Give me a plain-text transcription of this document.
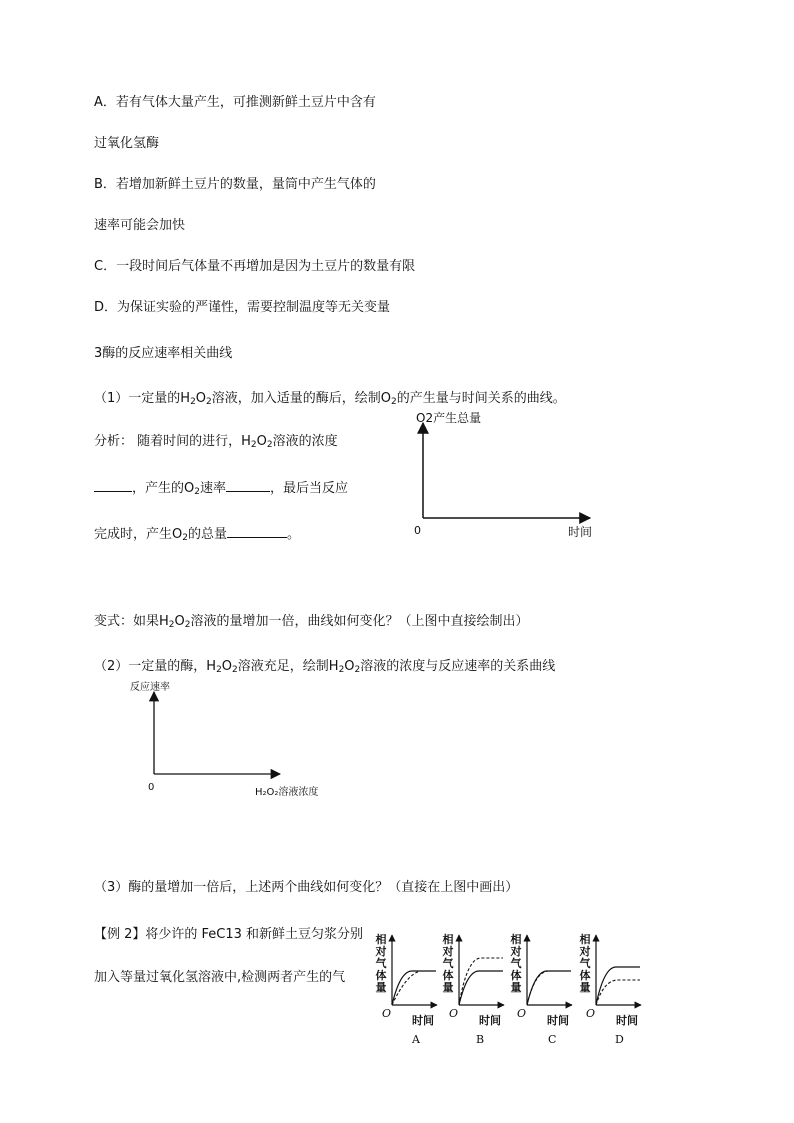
A．若有气体大量产生，可推测新鲜土豆片中含有
过氧化氢酶
B．若增加新鲜土豆片的数量，量筒中产生气体的
速率可能会加快
C．一段时间后气体量不再增加是因为土豆片的数量有限
D．为保证实验的严谨性，需要控制温度等无关变量
3酶的反应速率相关曲线
（1）一定量的$H_2O_2$溶液，加入适量的酶后，绘制$O_2$的产生量与时间关系的曲线。
分析： 随着时间的进行，$H_2O_2$溶液的浓度
，产生的$O_2$速率	，最后当反应
完成时，产生$O_2$的总量	。
O2产生总量
0	时间
变式：如果$H_2O_2$溶液的量增加一倍，曲线如何变化？（上图中直接绘制出）
（2）一定量的酶，$H_2O_2$溶液充足，绘制$H_2O_2$溶液的浓度与反应速率的关系曲线
反应速率
0	H₂O₂溶液浓度
（3）酶的量增加一倍后，上述两个曲线如何变化？（直接在上图中画出）
【例 2】将少许的 FeC13 和新鲜土豆匀浆分别
加入等量过氧化氢溶液中,检测两者产生的气
相对气体量
O
时间
A
相对气体量
O
时间
B
相对气体量
O
时间
C
相对气体量
O
时间
D
